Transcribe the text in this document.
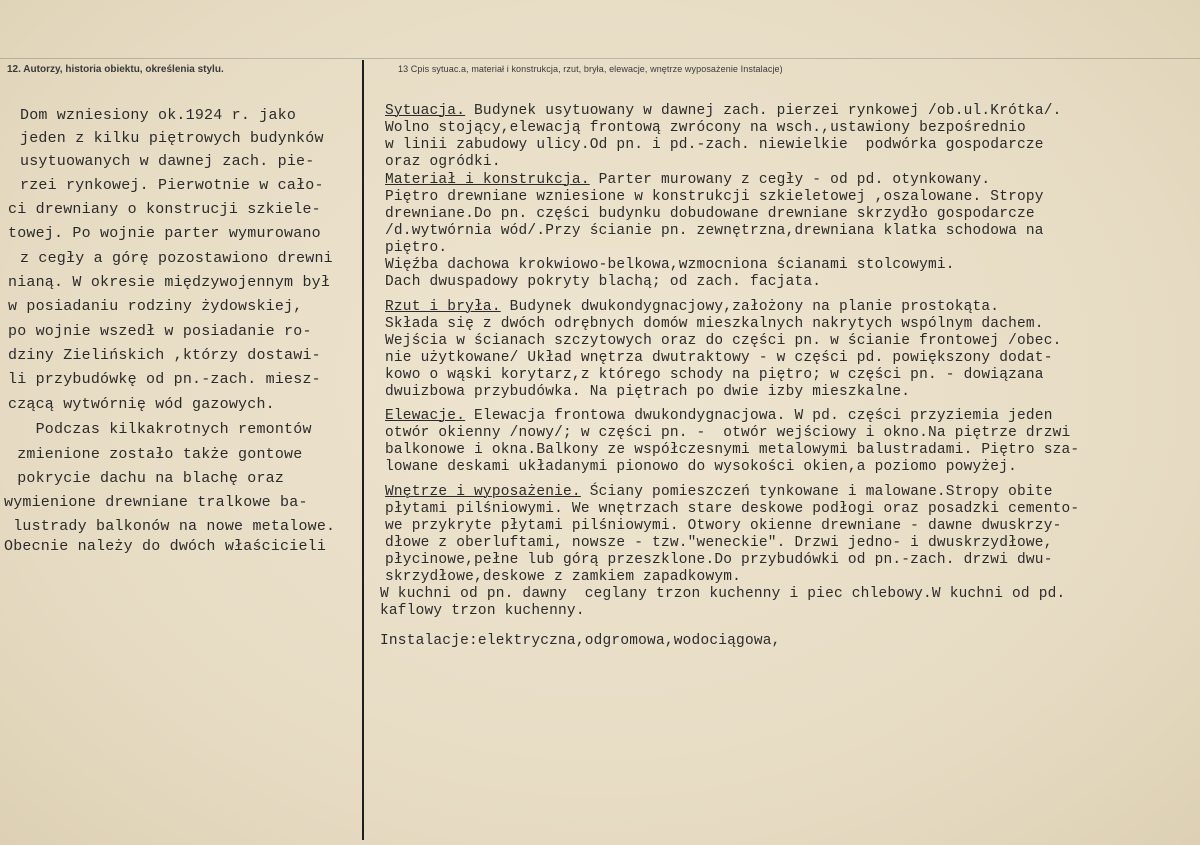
12. Autorzy, historia obiektu, określenia stylu.	13 Cpis sytuac.a, materiał i konstrukcja, rzut, bryła, elewacje, wnętrze wyposażenie Instalacje)

Dom wzniesiony ok.1924 r. jako

jeden z kilku piętrowych budynków

usytuowanych w dawnej zach. pie-

rzei rynkowej. Pierwotnie w cało-

ci drewniany o konstrucji szkiele-

towej. Po wojnie parter wymurowano

z cegły a górę pozostawiono drewni

nianą. W okresie międzywojennym był

w posiadaniu rodziny żydowskiej,

po wojnie wszedł w posiadanie ro-

dziny Zielińskich ,którzy dostawi-

li przybudówkę od pn.-zach. miesz-

czącą wytwórnię wód gazowych.

Podczas kilkakrotnych remontów

zmienione zostało także gontowe

pokrycie dachu na blachę oraz

wymienione drewniane tralkowe ba-

lustrady balkonów na nowe metalowe.

Obecnie należy do dwóch właścicieli

Sytuacja. Budynek usytuowany w dawnej zach. pierzei rynkowej /ob.ul.Krótka/.

Wolno stojący,elewacją frontową zwrócony na wsch.,ustawiony bezpośrednio

w linii zabudowy ulicy.Od pn. i pd.-zach. niewielkie  podwórka gospodarcze

oraz ogródki.

Materiał i konstrukcja. Parter murowany z cegły - od pd. otynkowany.

Piętro drewniane wzniesione w konstrukcji szkieletowej ,oszalowane. Stropy

drewniane.Do pn. części budynku dobudowane drewniane skrzydło gospodarcze

/d.wytwórnia wód/.Przy ścianie pn. zewnętrzna,drewniana klatka schodowa na

piętro.

Więźba dachowa krokwiowo-belkowa,wzmocniona ścianami stolcowymi.

Dach dwuspadowy pokryty blachą; od zach. facjata.

Rzut i bryła. Budynek dwukondygnacjowy,założony na planie prostokąta.

Składa się z dwóch odrębnych domów mieszkalnych nakrytych wspólnym dachem.

Wejścia w ścianach szczytowych oraz do części pn. w ścianie frontowej /obec.

nie użytkowane/ Układ wnętrza dwutraktowy - w części pd. powiększony dodat-

kowo o wąski korytarz,z którego schody na piętro; w części pn. - dowiązana

dwuizbowa przybudówka. Na piętrach po dwie izby mieszkalne.

Elewacje. Elewacja frontowa dwukondygnacjowa. W pd. części przyziemia jeden

otwór okienny /nowy/; w części pn. -  otwór wejściowy i okno.Na piętrze drzwi

balkonowe i okna.Balkony ze współczesnymi metalowymi balustradami. Piętro sza-

lowane deskami układanymi pionowo do wysokości okien,a poziomo powyżej.

Wnętrze i wyposażenie. Ściany pomieszczeń tynkowane i malowane.Stropy obite

płytami pilśniowymi. We wnętrzach stare deskowe podłogi oraz posadzki cemento-

we przykryte płytami pilśniowymi. Otwory okienne drewniane - dawne dwuskrzy-

dłowe z oberluftami, nowsze - tzw."weneckie". Drzwi jedno- i dwuskrzydłowe,

płycinowe,pełne lub górą przeszklone.Do przybudówki od pn.-zach. drzwi dwu-

skrzydłowe,deskowe z zamkiem zapadkowym.

W kuchni od pn. dawny  ceglany trzon kuchenny i piec chlebowy.W kuchni od pd.

kaflowy trzon kuchenny.

Instalacje:elektryczna,odgromowa,wodociągowa,
